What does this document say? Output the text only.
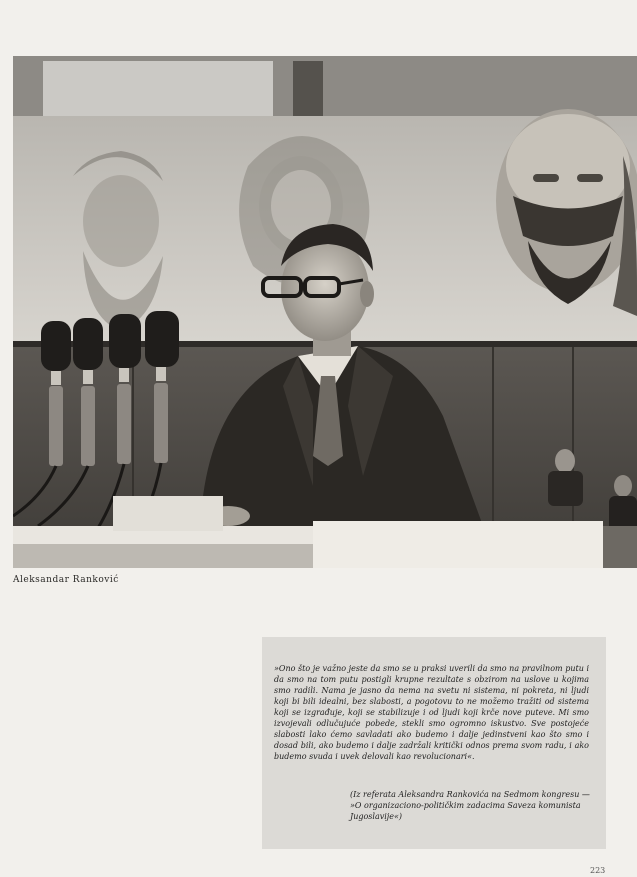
Aleksandar Ranković
»Ono što je važno jeste da smo se u praksi uverili da smo na pravilnom putu i da smo na tom putu postigli krupne rezultate s obzirom na uslove u kojima smo radili. Nama je jasno da nema na svetu ni sistema, ni pokreta, ni ljudi koji bi bili idealni, bez slabosti, a pogotovu to ne možemo tražiti od sistema koji se izgrađuje, koji se stabilizuje i od ljudi koji krče nove puteve. Mi smo izvojevali odlučujuće pobede, stekli smo ogromno iskustvo. Sve postojeće slabosti lako ćemo savladati ako budemo i dalje jedinstveni kao što smo i dosad bili, ako budemo i dalje zadržali kritički odnos prema svom radu, i ako budemo svuda i uvek delovali kao revolucionari«.
(Iz referata Aleksandra Rankovića na Sedmom kongresu — »O organizaciono-političkim zadacima Saveza komunista Jugoslavije«)
223
